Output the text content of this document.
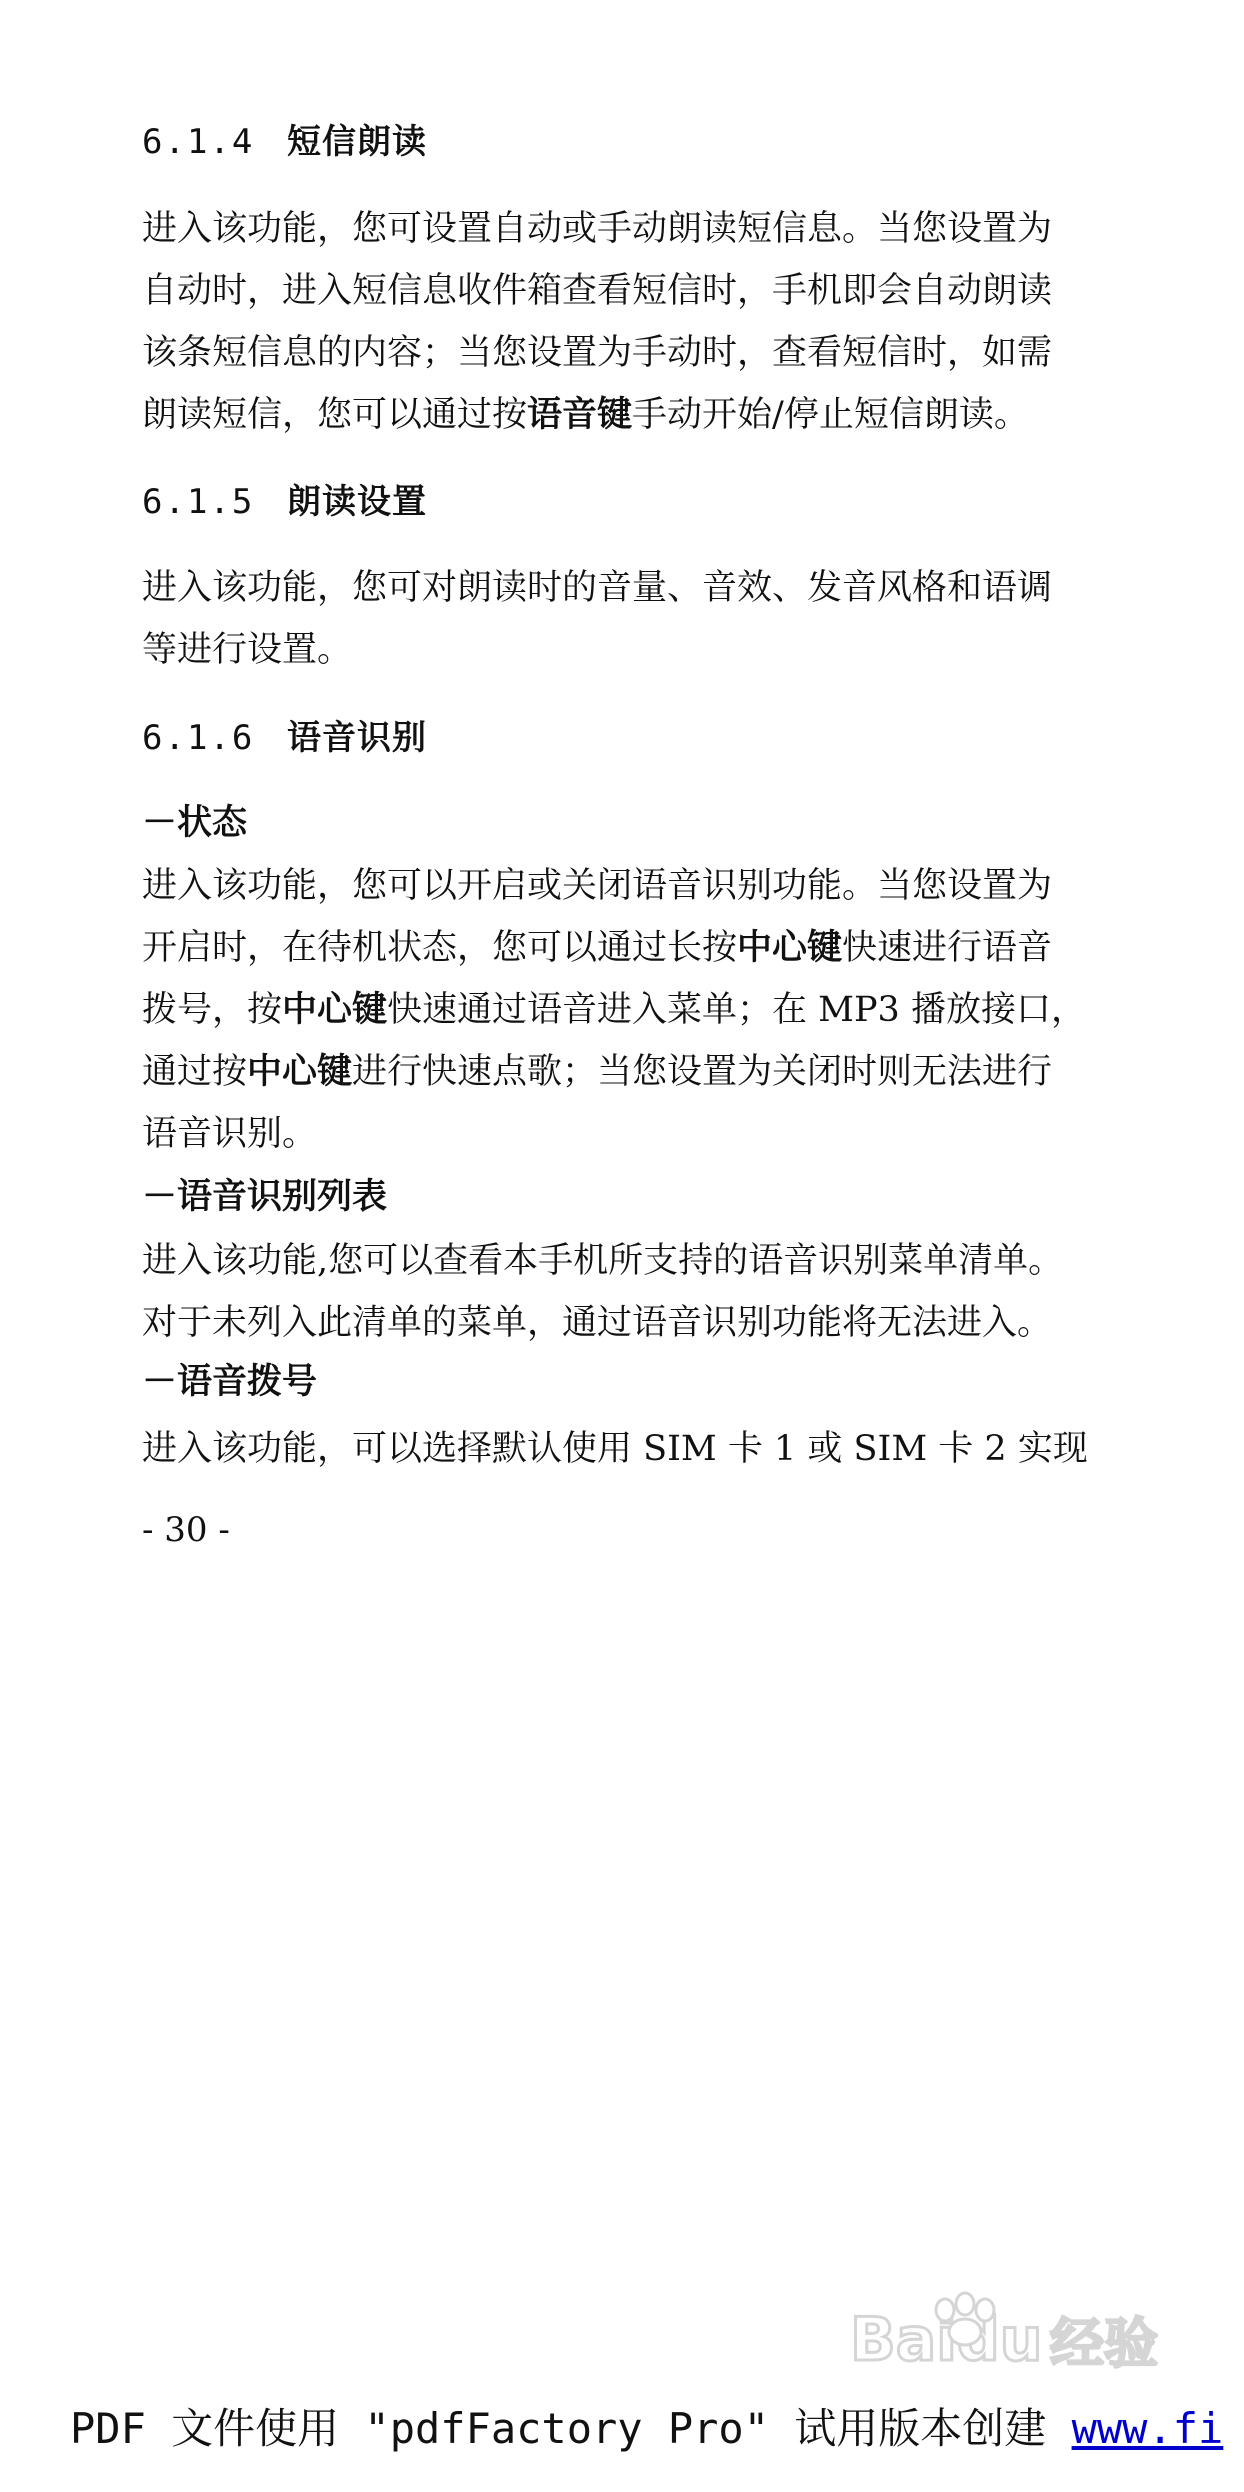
6.1.4 短信朗读
进入该功能，您可设置自动或手动朗读短信息。当您设置为
自动时，进入短信息收件箱查看短信时，手机即会自动朗读
该条短信息的内容；当您设置为手动时，查看短信时，如需
朗读短信，您可以通过按语音键手动开始/停止短信朗读。
6.1.5 朗读设置
进入该功能，您可对朗读时的音量、音效、发音风格和语调
等进行设置。
6.1.6 语音识别
－状态
进入该功能，您可以开启或关闭语音识别功能。当您设置为
开启时，在待机状态，您可以通过长按中心键快速进行语音
拨号，按中心键快速通过语音进入菜单；在 MP3 播放接口，
通过按中心键进行快速点歌；当您设置为关闭时则无法进行
语音识别。
－语音识别列表
进入该功能,您可以查看本手机所支持的语音识别菜单清单。
对于未列入此清单的菜单，通过语音识别功能将无法进入。
－语音拨号
进入该功能，可以选择默认使用 SIM 卡 1 或 SIM 卡 2 实现
- 30 -
Baidu 经验
PDF 文件使用 "pdfFactory Pro" 试用版本创建 www.fi
